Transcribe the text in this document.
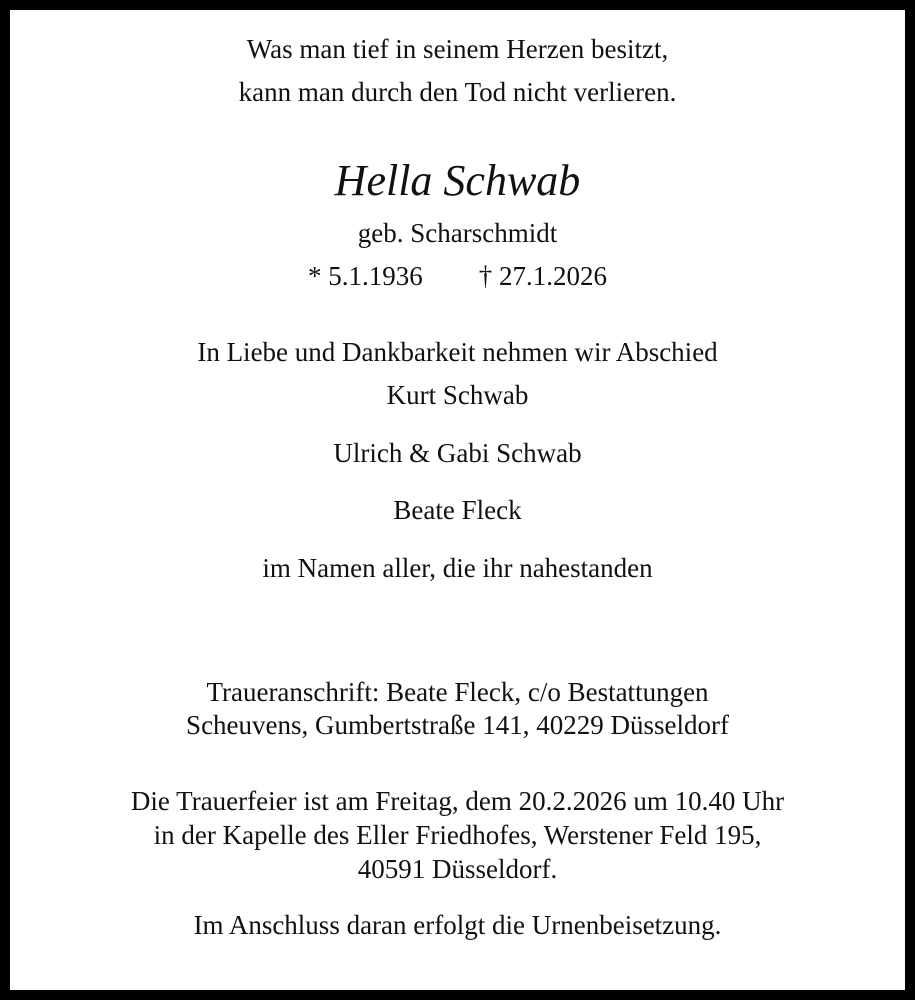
Was man tief in seinem Herzen besitzt,
kann man durch den Tod nicht verlieren.
Hella Schwab
geb. Scharschmidt
* 5.1.1936 † 27.1.2026
In Liebe und Dankbarkeit nehmen wir Abschied
Kurt Schwab
Ulrich & Gabi Schwab
Beate Fleck
im Namen aller, die ihr nahestanden
Traueranschrift: Beate Fleck, c/o Bestattungen
Scheuvens, Gumbertstraße 141, 40229 Düsseldorf
Die Trauerfeier ist am Freitag, dem 20.2.2026 um 10.40 Uhr
in der Kapelle des Eller Friedhofes, Werstener Feld 195,
40591 Düsseldorf.
Im Anschluss daran erfolgt die Urnenbeisetzung.
